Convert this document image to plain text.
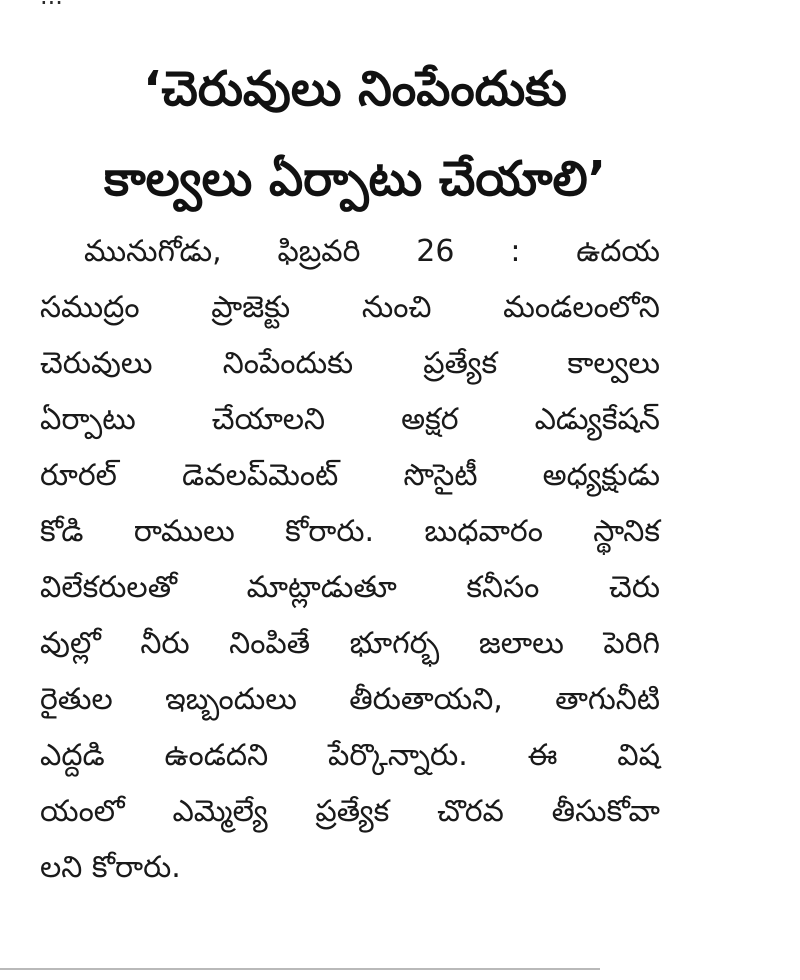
‘చెరువులు నింపేందుకు
కాల్వలు ఏర్పాటు చేయాలి’
మునుగోడు, ఫిబ్రవరి 26 : ఉదయ
సముద్రం ప్రాజెక్టు నుంచి మండలంలోని
చెరువులు నింపేందుకు ప్రత్యేక కాల్వలు
ఏర్పాటు చేయాలని అక్షర ఎడ్యుకేషన్
రూరల్ డెవలప్‌మెంట్ సొసైటీ అధ్యక్షుడు
కోడి రాములు కోరారు. బుధవారం స్థానిక
విలేకరులతో మాట్లాడుతూ కనీసం చెరు
వుల్లో నీరు నింపితే భూగర్భ జలాలు పెరిగి
రైతుల ఇబ్బందులు తీరుతాయని, తాగునీటి
ఎద్దడి ఉండదని పేర్కొన్నారు. ఈ విష
యంలో ఎమ్మెల్యే ప్రత్యేక చొరవ తీసుకోవా
లని కోరారు.
